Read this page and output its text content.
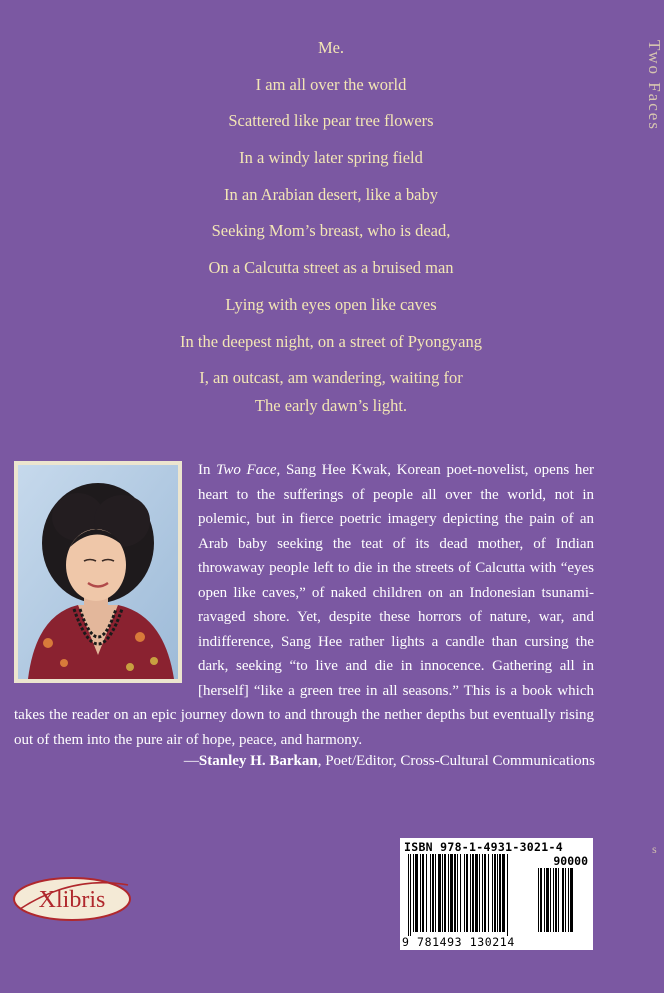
Two Faces
s
Me.
I am all over the world
Scattered like pear tree flowers
In a windy later spring field
In an Arabian desert, like a baby
Seeking Mom’s breast, who is dead,
On a Calcutta street as a bruised man
Lying with eyes open like caves
In the deepest night, on a street of Pyongyang
I, an outcast, am wandering, waiting for
The early dawn’s light.

In Two Face, Sang Hee Kwak, Korean poet-novelist, opens her heart to the sufferings of people all over the world, not in polemic, but in fierce poetric imagery depicting the pain of an Arab baby seeking the teat of its dead mother, of Indian throwaway people left to die in the streets of Calcutta with “eyes open like caves,” of naked children on an Indonesian tsunami-ravaged shore. Yet, despite these horrors of nature, war, and indifference, Sang Hee rather lights a candle than cursing the dark, seeking “to live and die in innocence. Gathering all in [herself] “like a green tree in all seasons.” This is a book which takes the reader on an epic journey down to and through the nether depths but eventually rising out of them into the pure air of hope, peace, and harmony.

—Stanley H. Barkan, Poet/Editor, Cross-Cultural Communications
Xlibris
ISBN 978-1-4931-3021-4
90000
9 781493 130214
